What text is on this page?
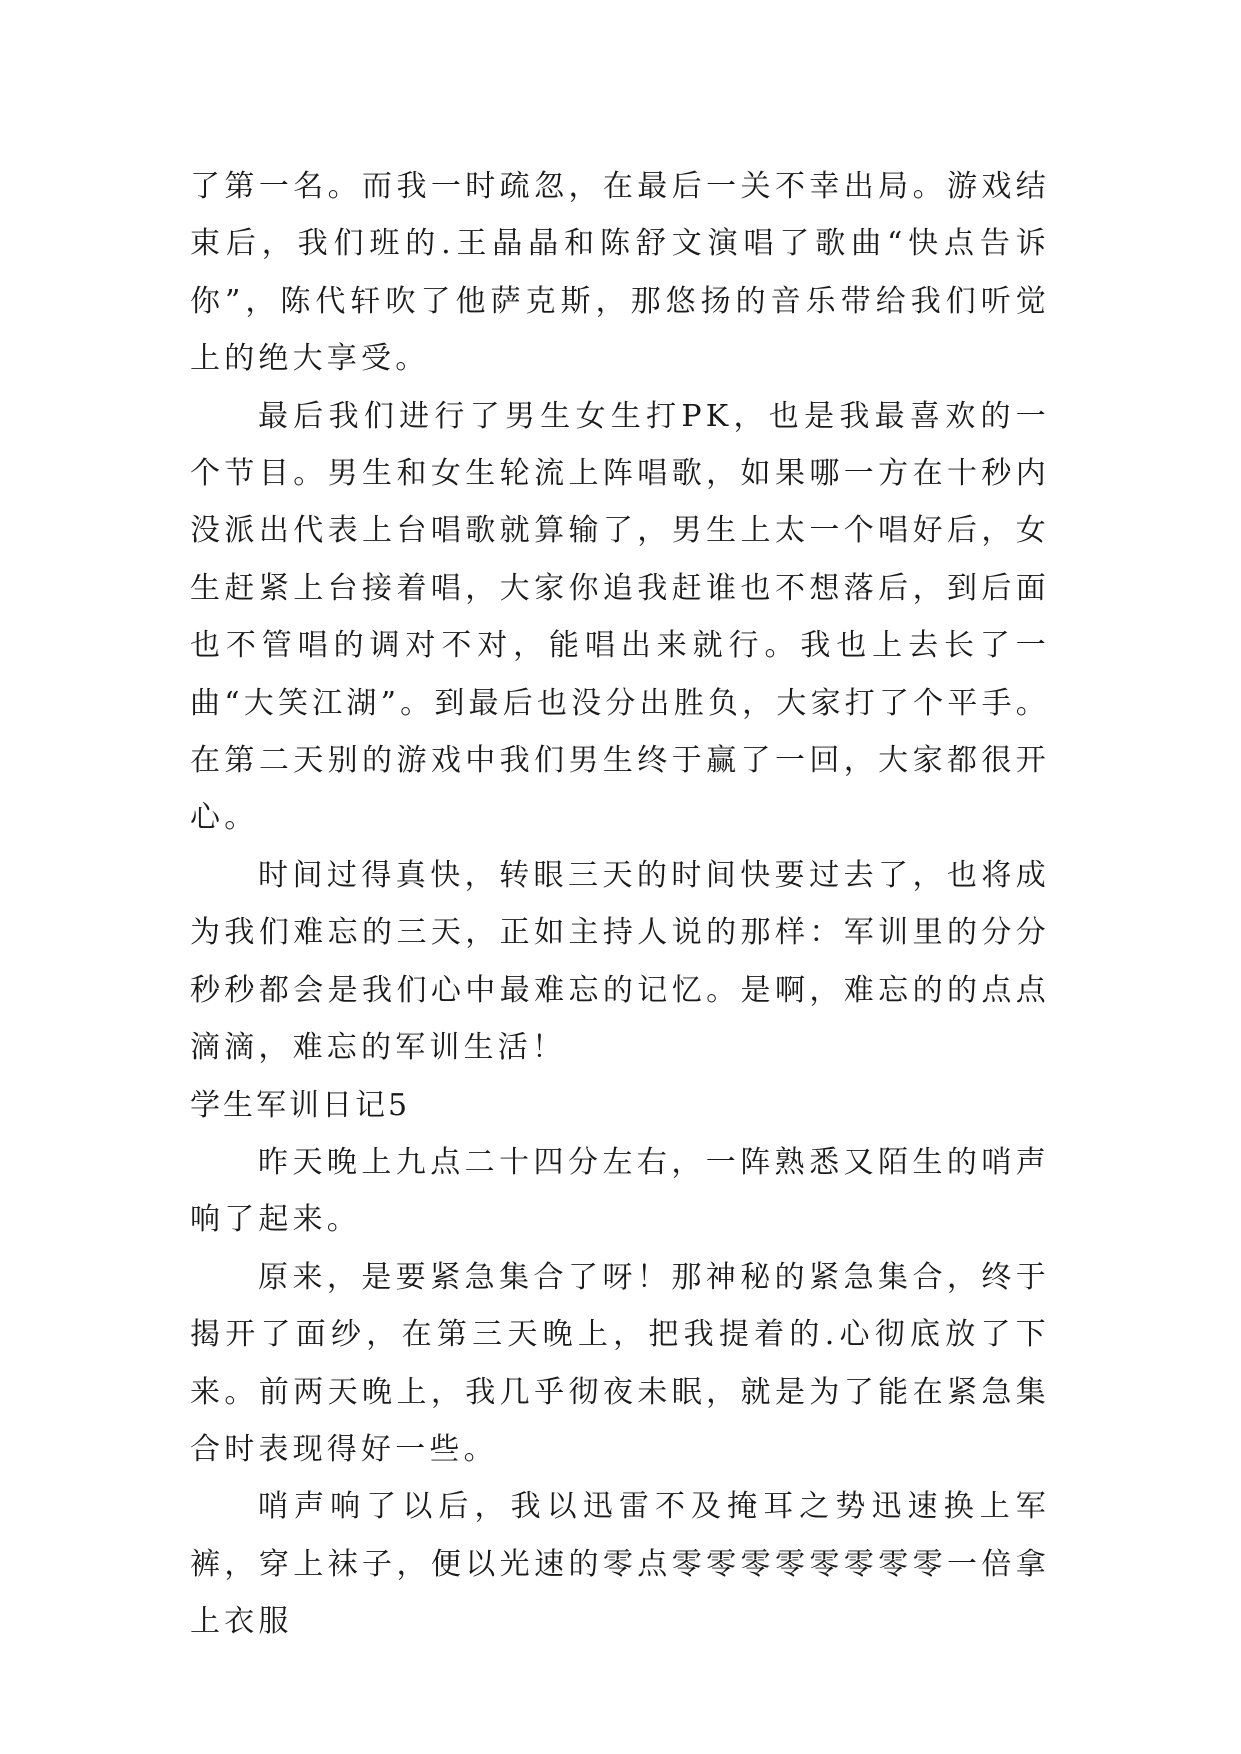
了第一名。而我一时疏忽，在最后一关不幸出局。游戏结束后，我们班的.王晶晶和陈舒文演唱了歌曲“快点告诉你”，陈代轩吹了他萨克斯，那悠扬的音乐带给我们听觉上的绝大享受。

最后我们进行了男生女生打PK，也是我最喜欢的一个节目。男生和女生轮流上阵唱歌，如果哪一方在十秒内没派出代表上台唱歌就算输了，男生上太一个唱好后，女生赶紧上台接着唱，大家你追我赶谁也不想落后，到后面也不管唱的调对不对，能唱出来就行。我也上去长了一曲“大笑江湖”。到最后也没分出胜负，大家打了个平手。在第二天别的游戏中我们男生终于赢了一回，大家都很开心。

时间过得真快，转眼三天的时间快要过去了，也将成为我们难忘的三天，正如主持人说的那样：军训里的分分秒秒都会是我们心中最难忘的记忆。是啊，难忘的的点点滴滴，难忘的军训生活！

学生军训日记5

昨天晚上九点二十四分左右，一阵熟悉又陌生的哨声响了起来。

原来，是要紧急集合了呀！那神秘的紧急集合，终于揭开了面纱，在第三天晚上，把我提着的.心彻底放了下来。前两天晚上，我几乎彻夜未眠，就是为了能在紧急集合时表现得好一些。

哨声响了以后，我以迅雷不及掩耳之势迅速换上军裤，穿上袜子，便以光速的零点零零零零零零零零一倍拿上衣服
